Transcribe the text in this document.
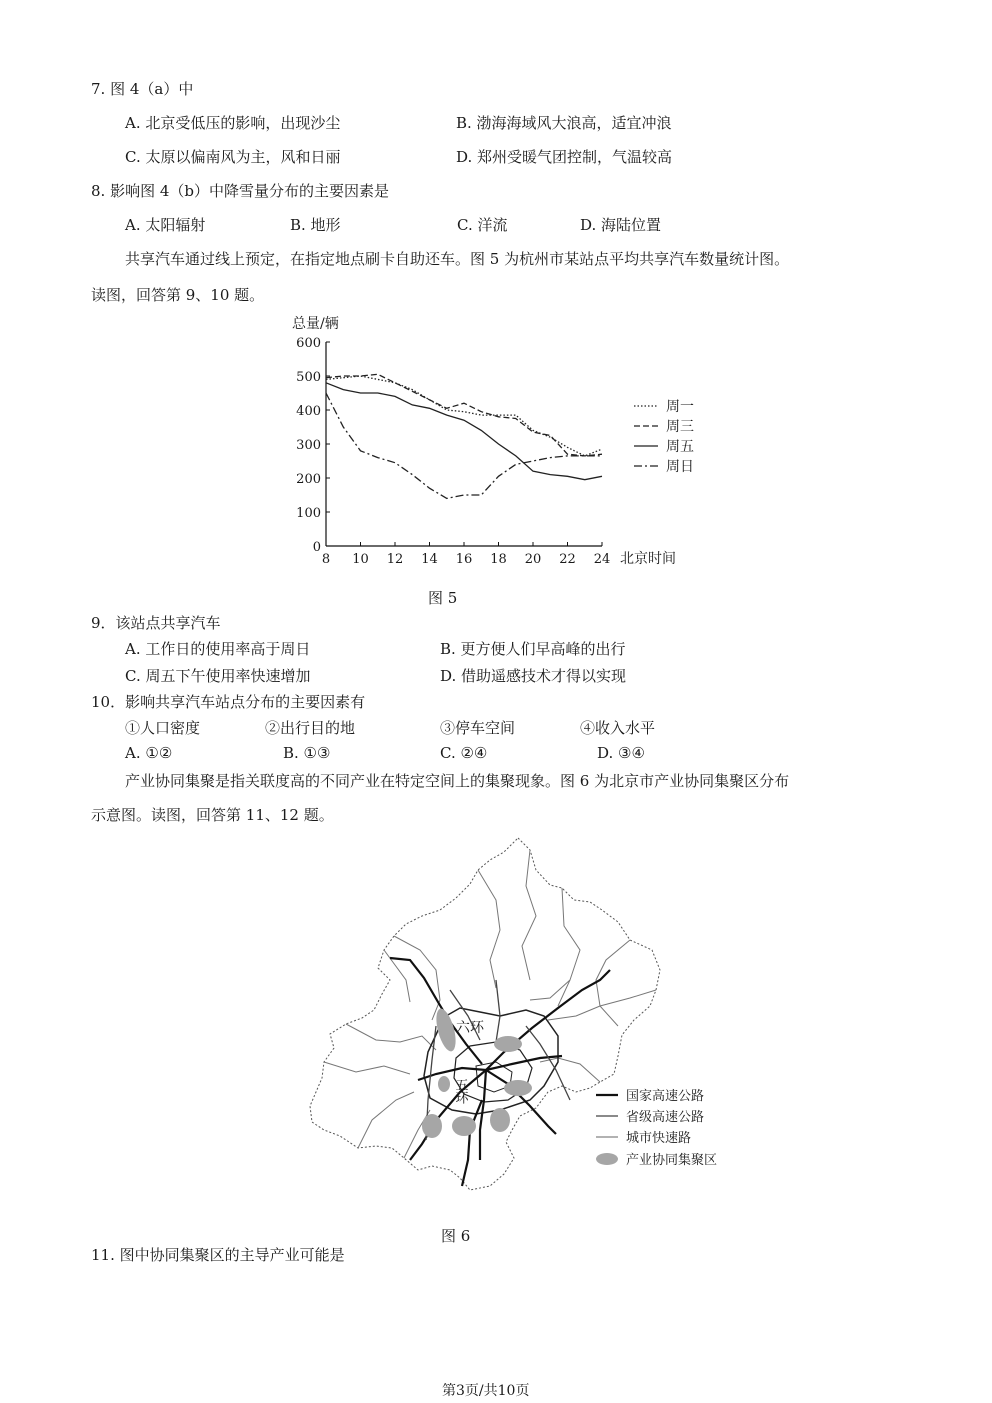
7. 图 4（a）中
A. 北京受低压的影响，出现沙尘	B. 渤海海域风大浪高，适宜冲浪
C. 太原以偏南风为主，风和日丽	D. 郑州受暖气团控制，气温较高
8. 影响图 4（b）中降雪量分布的主要因素是
A. 太阳辐射	B. 地形	C. 洋流	D. 海陆位置
共享汽车通过线上预定，在指定地点刷卡自助还车。图 5 为杭州市某站点平均共享汽车数量统计图。
读图，回答第 9、10 题。
0
100
200
300
400
500
600
8 10 12 14 16 18 20 22 24
总量/辆
北京时间
周一
周三
周五
周日
图 5
9．该站点共享汽车
A. 工作日的使用率高于周日	B. 更方便人们早高峰的出行
C. 周五下午使用率快速增加	D. 借助遥感技术才得以实现
10．影响共享汽车站点分布的主要因素有
①人口密度	②出行目的地	③停车空间	④收入水平
A. ①②	B. ①③	C. ②④	D. ③④
产业协同集聚是指关联度高的不同产业在特定空间上的集聚现象。图 6 为北京市产业协同集聚区分布
示意图。读图，回答第 11、12 题。
六环
五环	国家高速公路
省级高速公路
城市快速路
产业协同集聚区
图 6
11. 图中协同集聚区的主导产业可能是
第3页/共10页
